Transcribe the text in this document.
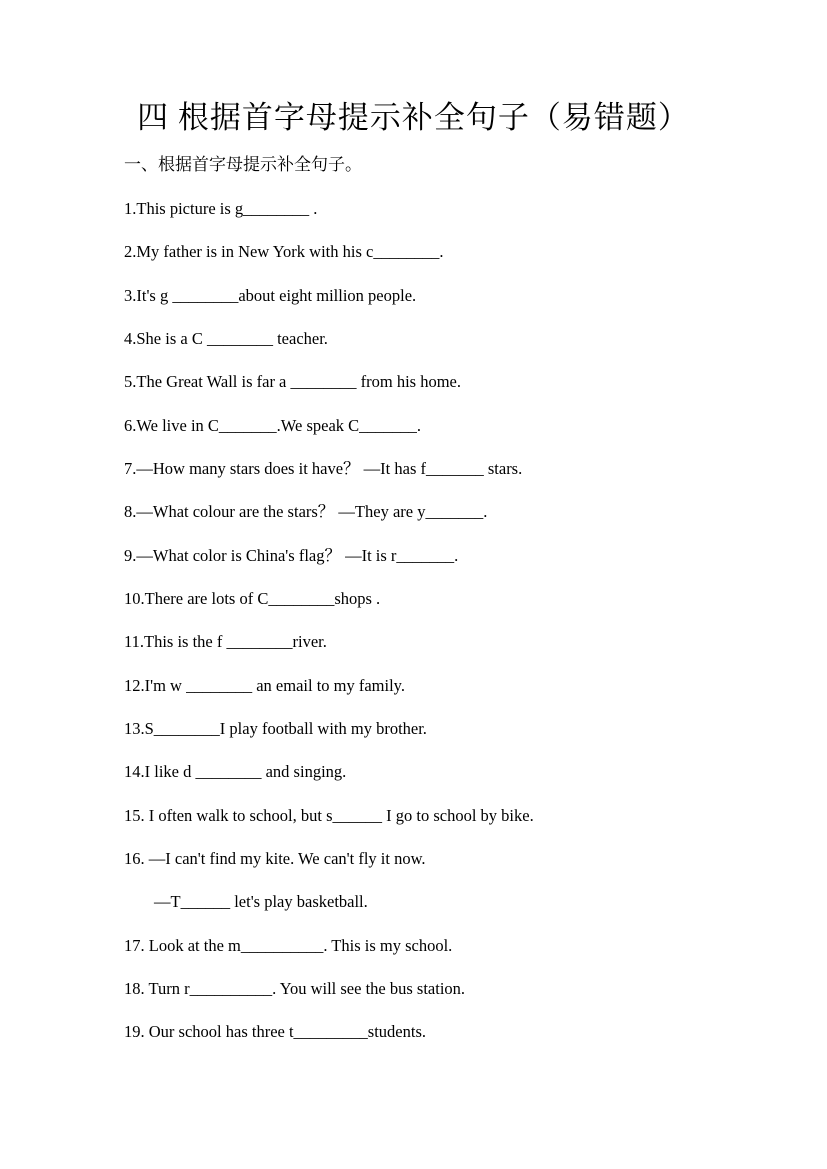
四 根据首字母提示补全句子（易错题）
一、根据首字母提示补全句子。
1.This picture is g________ .
2.My father is in New York with his c________.
3.It's g ________about eight million people.
4.She is a C ________ teacher.
5.The Great Wall is far a ________ from his home.
6.We live in C_______.We speak C_______.
7.—How many stars does it have？ —It has f_______ stars.
8.—What colour are the stars？ —They are y_______.
9.—What color is China's flag？ —It is r_______.
10.There are lots of C________shops .
11.This is the f ________river.
12.I'm w ________ an email to my family.
13.S________I play football with my brother.
14.I like d ________ and singing.
15. I often walk to school, but s______ I go to school by bike.
16. —I can't find my kite. We can't fly it now.
—T______ let's play basketball.
17. Look at the m__________. This is my school.
18. Turn r__________. You will see the bus station.
19. Our school has three t_________students.
